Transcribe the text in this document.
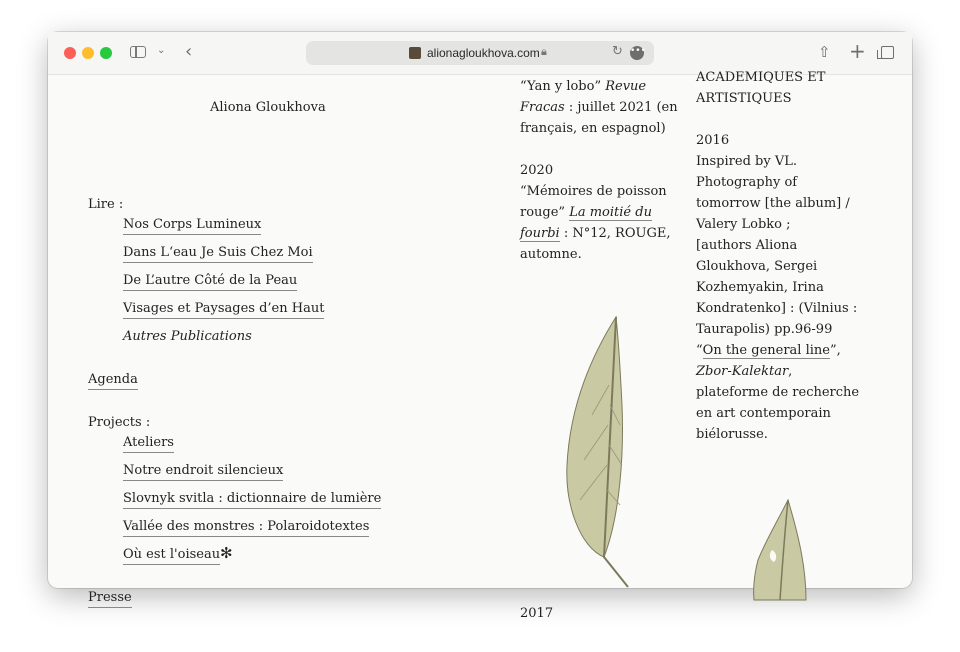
⌄ ‹	alionagloukhova.com 🔒︎	↻ •••	⇧ +
Aliona Gloukhova
Lire :
Nos Corps Lumineux
Dans L‘eau Je Suis Chez Moi
De L’autre Côté de la Peau
Visages et Paysages d’en Haut
Autres Publications
Agenda
Projects :
Ateliers
Notre endroit silencieux
Slovnyk svitla : dictionnaire de lumière
Vallée des monstres : Polaroidotextes
Où est l'oiseau ✻
Presse
“Yan y lobo” Revue
Fracas : juillet 2021 (en
français, en espagnol)
2020
“Mémoires de poisson
rouge” La moitié du
fourbi : N°12, ROUGE,
automne.
2017
ACADEMIQUES ET
ARTISTIQUES
2016
Inspired by VL.
Photography of
tomorrow [the album] /
Valery Lobko ;
[authors Aliona
Gloukhova, Sergei
Kozhemyakin, Irina
Kondratenko] : (Vilnius :
Taurapolis) pp.96-99
“On the general line”,
Zbor-Kalektar,
plateforme de recherche
en art contemporain
biélorusse.
